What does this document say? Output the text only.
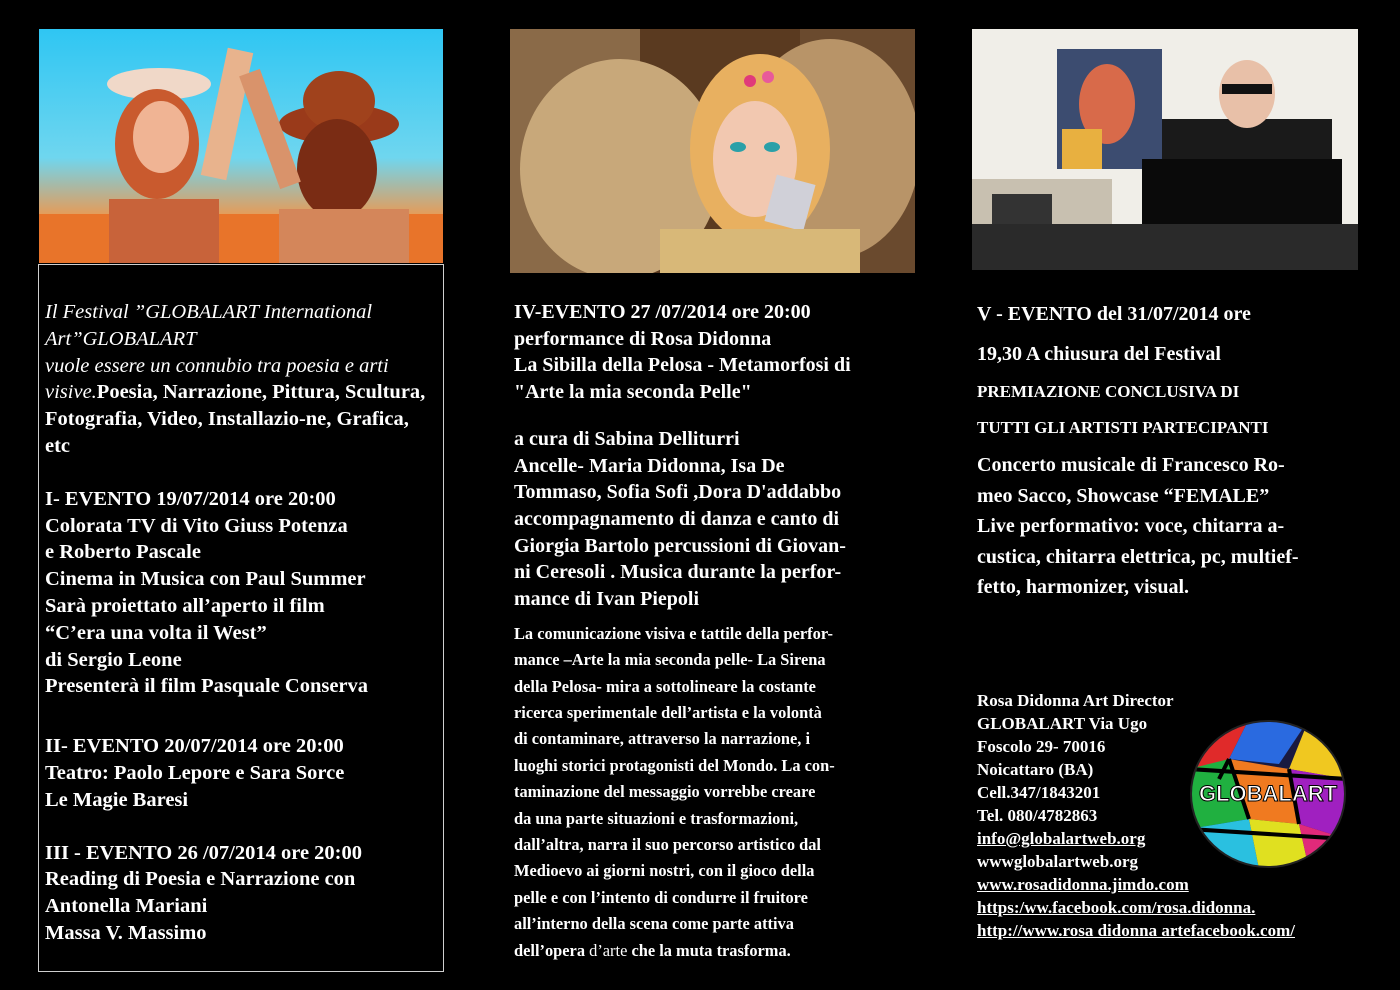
Il Festival ”GLOBALART International Art”GLOBALART
vuole essere un connubio tra poesia e arti visive.Poesia, Narrazione, Pittura, Scultura, Fotografia, Video, Installazio-ne, Grafica, etc

I- EVENTO 19/07/2014 ore 20:00
Colorata TV di Vito Giuss Potenza
e Roberto Pascale
Cinema in Musica con Paul Summer
Sarà proiettato all’aperto il film
“C’era una volta il West”
di Sergio Leone
Presenterà il film Pasquale Conserva

II- EVENTO 20/07/2014 ore 20:00
Teatro: Paolo Lepore e Sara Sorce
Le Magie Baresi

III - EVENTO 26 /07/2014 ore 20:00
Reading di Poesia e Narrazione con
Antonella Mariani
Massa V. Massimo

IV-EVENTO 27 /07/2014 ore 20:00
performance di Rosa Didonna
La Sibilla della Pelosa - Metamorfosi di
"Arte la mia seconda Pelle"

a cura di Sabina Delliturri
Ancelle- Maria Didonna, Isa De
Tommaso, Sofia Sofi ,Dora D'addabbo
accompagnamento di danza e canto di
Giorgia Bartolo percussioni di Giovan-
ni Ceresoli . Musica durante la perfor-
mance di Ivan Piepoli

La comunicazione visiva e tattile della perfor-
mance –Arte la mia seconda pelle- La Sirena
della Pelosa- mira a sottolineare la costante
ricerca sperimentale dell’artista e la volontà
di contaminare, attraverso la narrazione, i
luoghi storici protagonisti del Mondo. La con-
taminazione del messaggio vorrebbe creare
da una parte situazioni e trasformazioni,
dall’altra, narra il suo percorso artistico dal
Medioevo ai giorni nostri, con il gioco della
pelle e con l’intento di condurre il fruitore
all’interno della scena come parte attiva
dell’opera d’arte che la muta trasforma.

V - EVENTO del 31/07/2014 ore
19,30 A chiusura del Festival

PREMIAZIONE CONCLUSIVA DI
TUTTI GLI ARTISTI PARTECIPANTI

Concerto musicale di Francesco Ro-
meo Sacco, Showcase “FEMALE”
Live performativo: voce, chitarra a-
custica, chitarra elettrica, pc, multief-
fetto, harmonizer, visual.

Rosa Didonna Art Director
GLOBALART Via Ugo
Foscolo 29- 70016
Noicattaro (BA)
Cell.347/1843201
Tel. 080/4782863
info@globalartweb.org
wwwglobalartweb.org
www.rosadidonna.jimdo.com
https:/ww.facebook.com/rosa.didonna.
http://www.rosa didonna artefacebook.com/
GLOBALART
